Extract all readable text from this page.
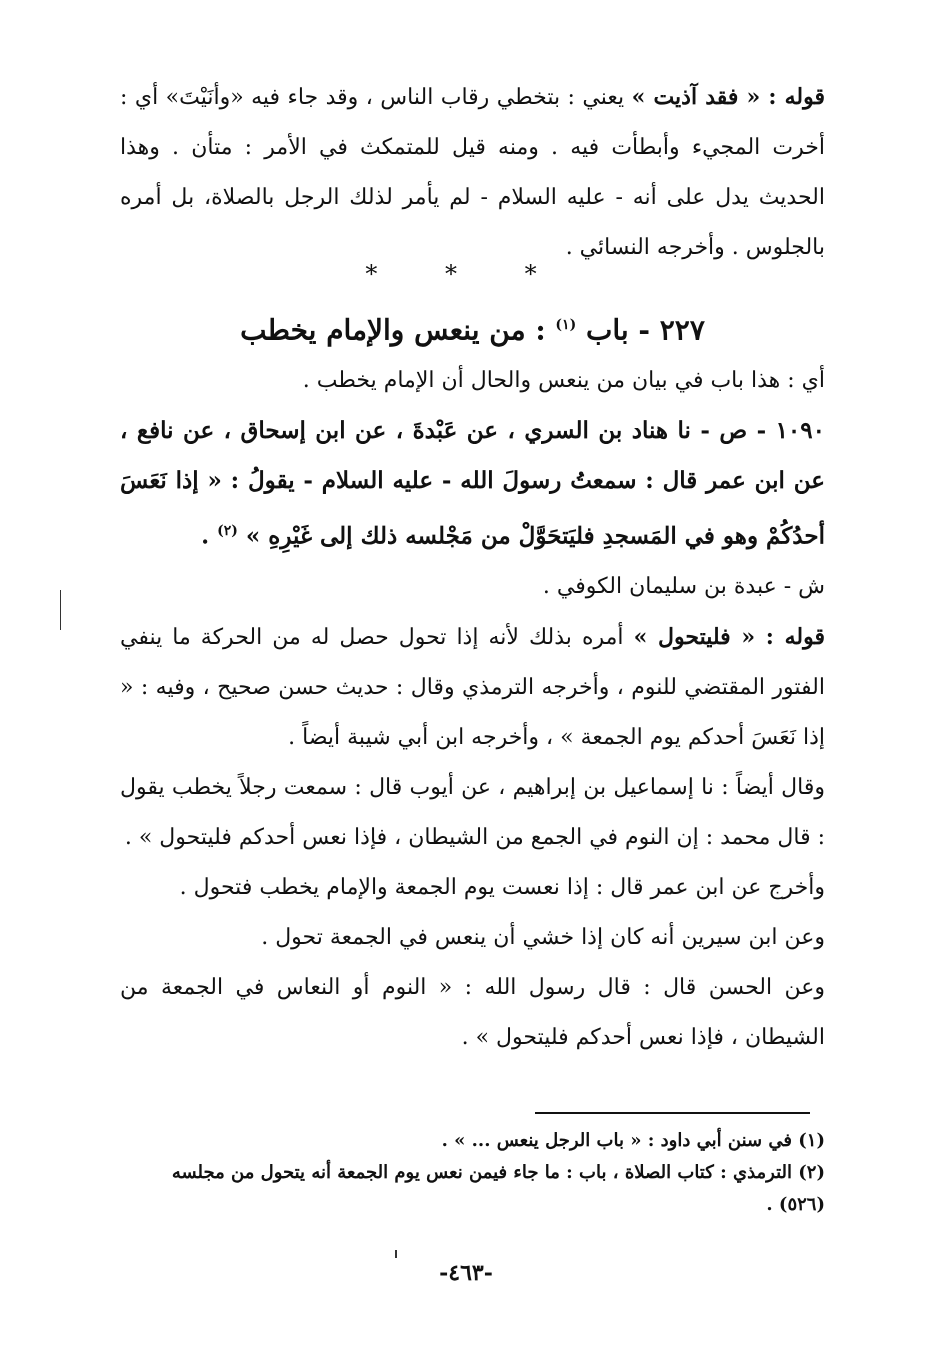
قوله : « فقد آذيت » يعني : بتخطي رقاب الناس ، وقد جاء فيه «وأنَيْتَ» أي : أخرت المجيء وأبطأت فيه . ومنه قيل للمتمكث في الأمر : متأن . وهذا الحديث يدل على أنه - عليه السلام - لم يأمر لذلك الرجل بالصلاة، بل أمره بالجلوس . وأخرجه النسائي .

* * *
٢٢٧ - باب $^{(١)}$ : من ينعس والإمام يخطب

أي : هذا باب في بيان من ينعس والحال أن الإمام يخطب .

١٠٩٠ - ص - نا هناد بن السري ، عن عَبْدةَ ، عن ابن إسحاق ، عن نافع ، عن ابن عمر قال : سمعتُ رسولَ الله - عليه السلام - يقولُ : « إذا نَعَسَ أحدُكُمْ وهو في المَسجدِ فليَتحَوَّلْ من مَجْلسه ذلك إلى غَيْرِهِ » $^{(٢)}$ .

ش - عبدة بن سليمان الكوفي .

قوله : « فليتحول » أمره بذلك لأنه إذا تحول حصل له من الحركة ما ينفي الفتور المقتضي للنوم ، وأخرجه الترمذي وقال : حديث حسن صحيح ، وفيه : « إذا نَعَسَ أحدكم يوم الجمعة » ، وأخرجه ابن أبي شيبة أيضاً .

وقال أيضاً : نا إسماعيل بن إبراهيم ، عن أيوب قال : سمعت رجلاً يخطب يقول : قال محمد : إن النوم في الجمع من الشيطان ، فإذا نعس أحدكم فليتحول » .

وأخرج عن ابن عمر قال : إذا نعست يوم الجمعة والإمام يخطب فتحول .

وعن ابن سيرين أنه كان إذا خشي أن ينعس في الجمعة تحول .

وعن الحسن قال : قال رسول الله : « النوم أو النعاس في الجمعة من الشيطان ، فإذا نعس أحدكم فليتحول » .

(١) في سنن أبي داود : « باب الرجل ينعس ... » .

(٢) الترمذي : كتاب الصلاة ، باب : ما جاء فيمن نعس يوم الجمعة أنه يتحول من مجلسه (٥٢٦) .

-٤٦٣-
